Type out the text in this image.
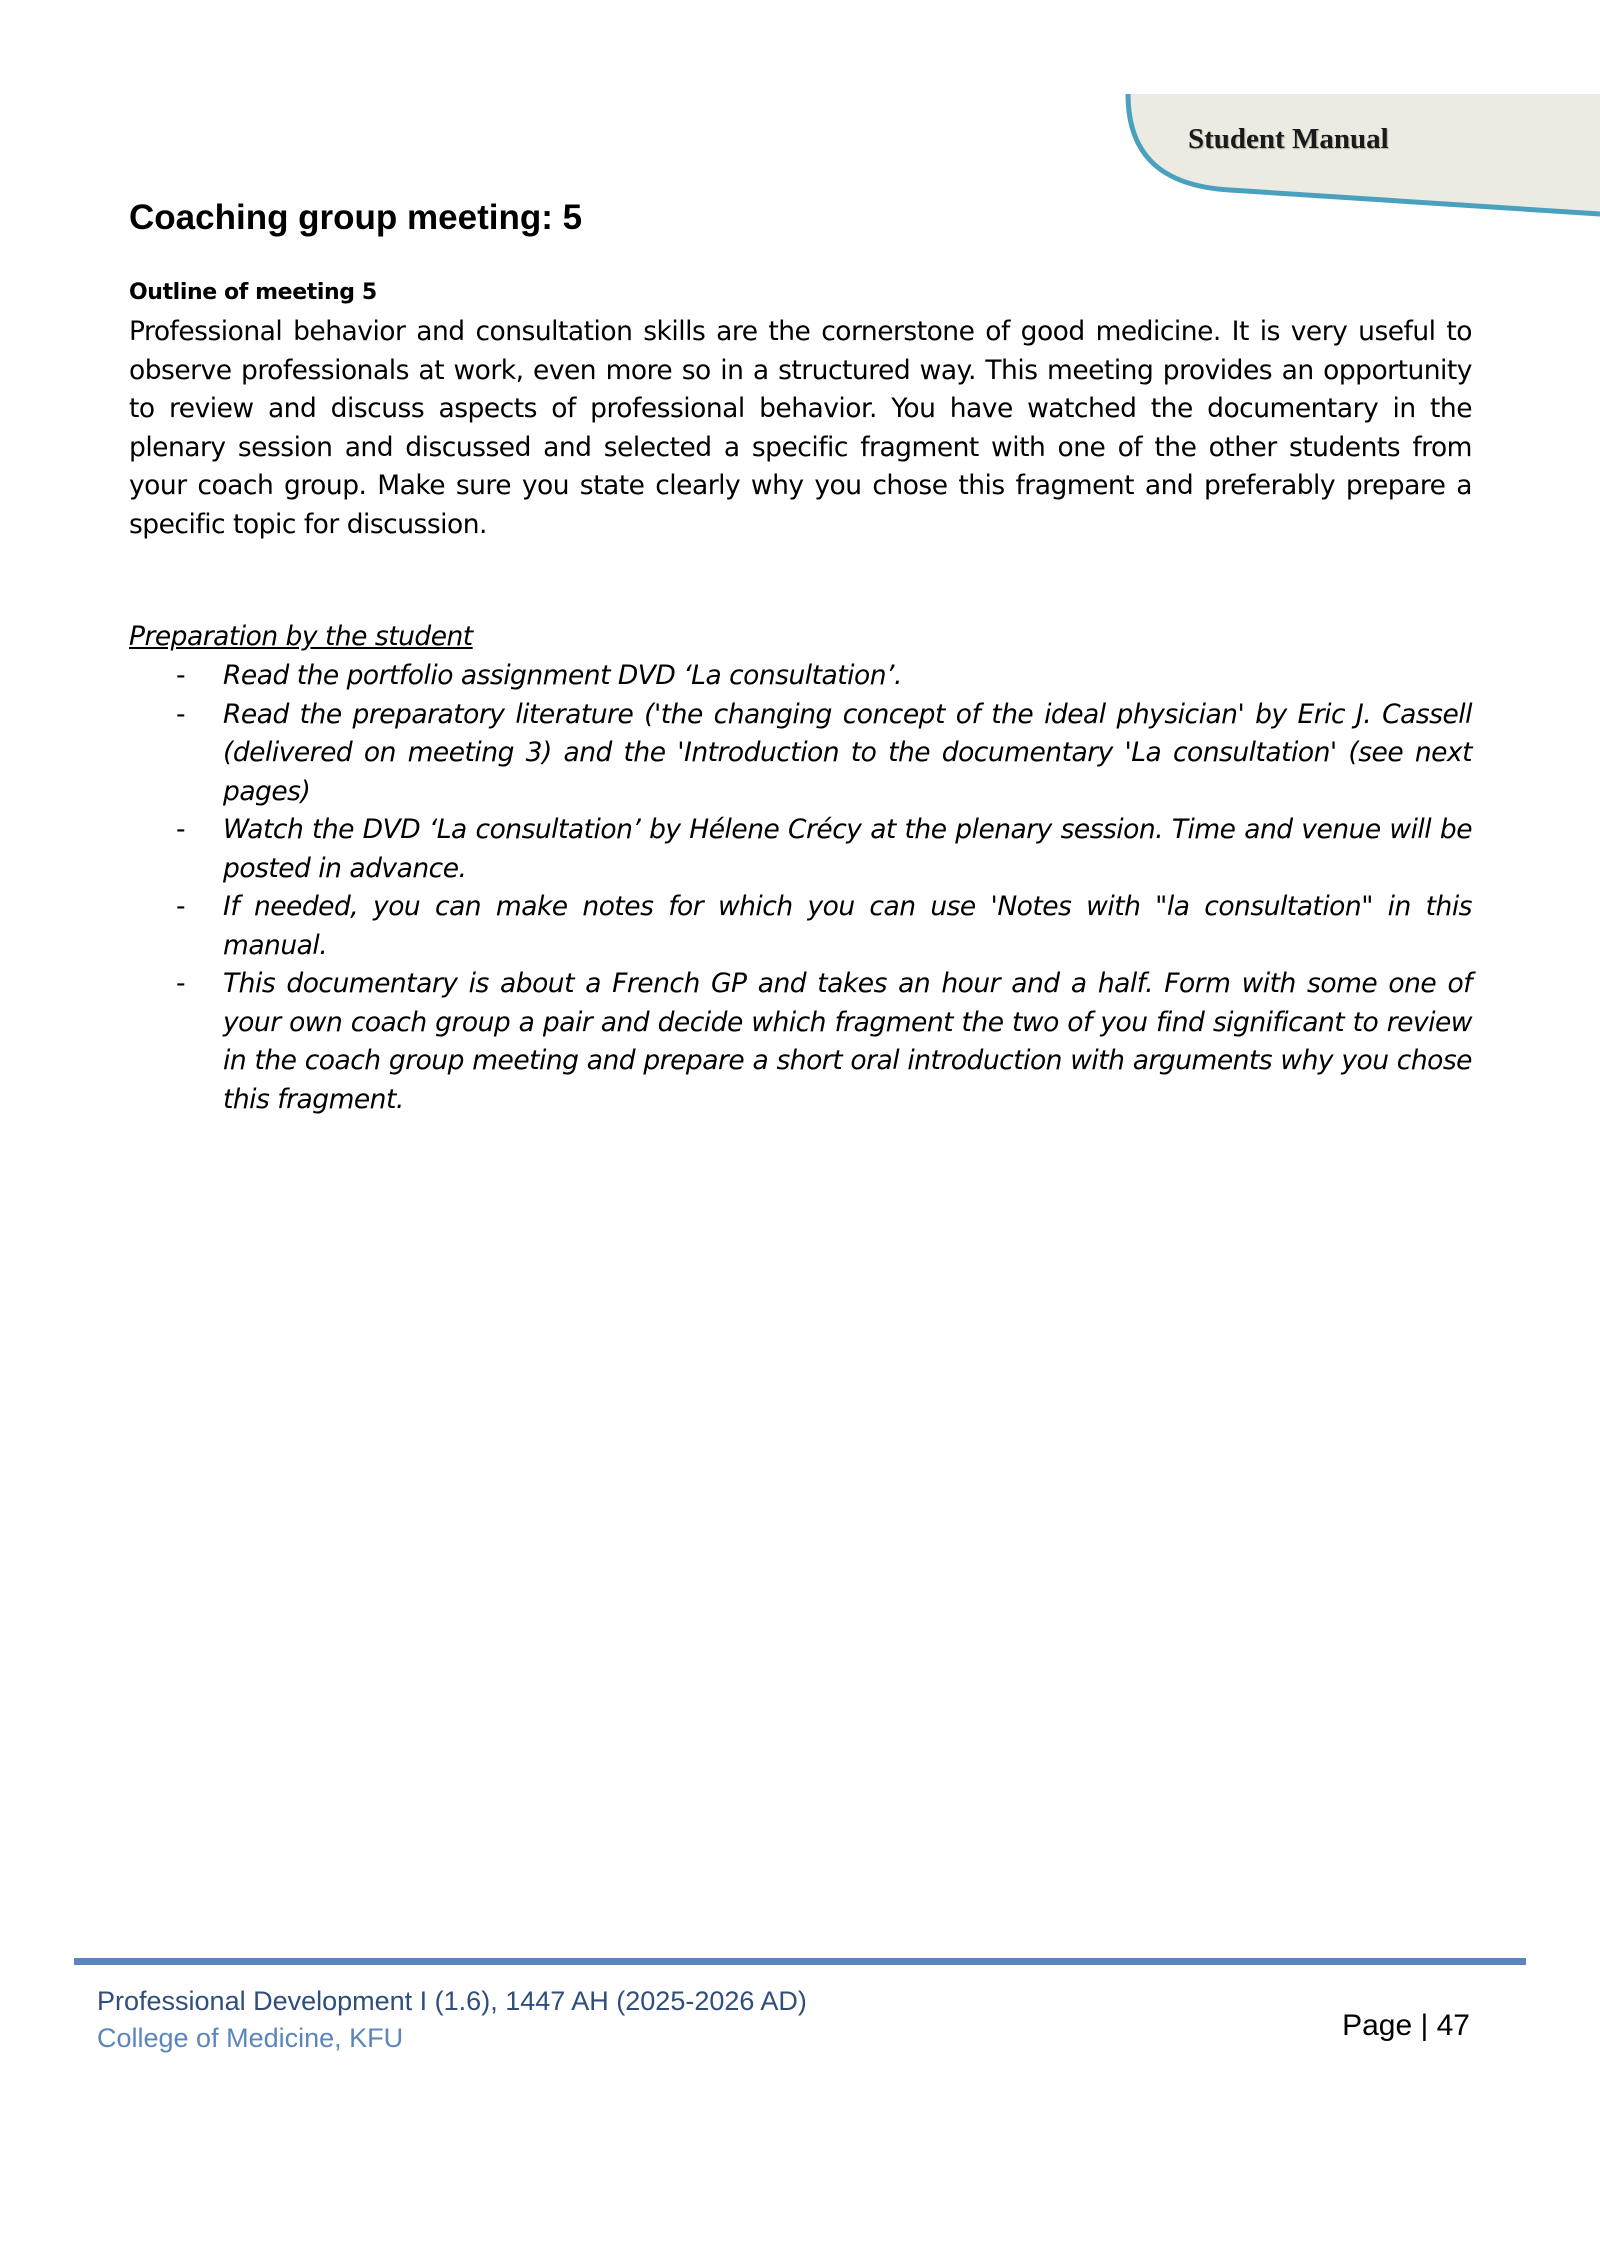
Student Manual
Coaching group meeting: 5

Outline of meeting 5

Professional behavior and consultation skills are the cornerstone of good medicine. It is very useful to observe professionals at work, even more so in a structured way. This meeting provides an opportunity to review and discuss aspects of professional behavior. You have watched the documentary in the plenary session and discussed and selected a specific fragment with one of the other students from your coach group. Make sure you state clearly why you chose this fragment and preferably prepare a specific topic for discussion.

Preparation by the student

- Read the portfolio assignment DVD ‘La consultation’.
- Read the preparatory literature ('the changing concept of the ideal physician' by Eric J. Cassell (delivered on meeting 3) and the 'Introduction to the documentary 'La consultation' (see next pages)
- Watch the DVD ‘La consultation’ by Hélene Crécy at the plenary session. Time and venue will be posted in advance.
- If needed, you can make notes for which you can use 'Notes with "la consultation" in this manual.
- This documentary is about a French GP and takes an hour and a half. Form with some one of your own coach group a pair and decide which fragment the two of you find significant to review in the coach group meeting and prepare a short oral introduction with arguments why you chose this fragment.
Professional Development I (1.6), 1447 AH (2025-2026 AD)
College of Medicine, KFU	Page | 47
